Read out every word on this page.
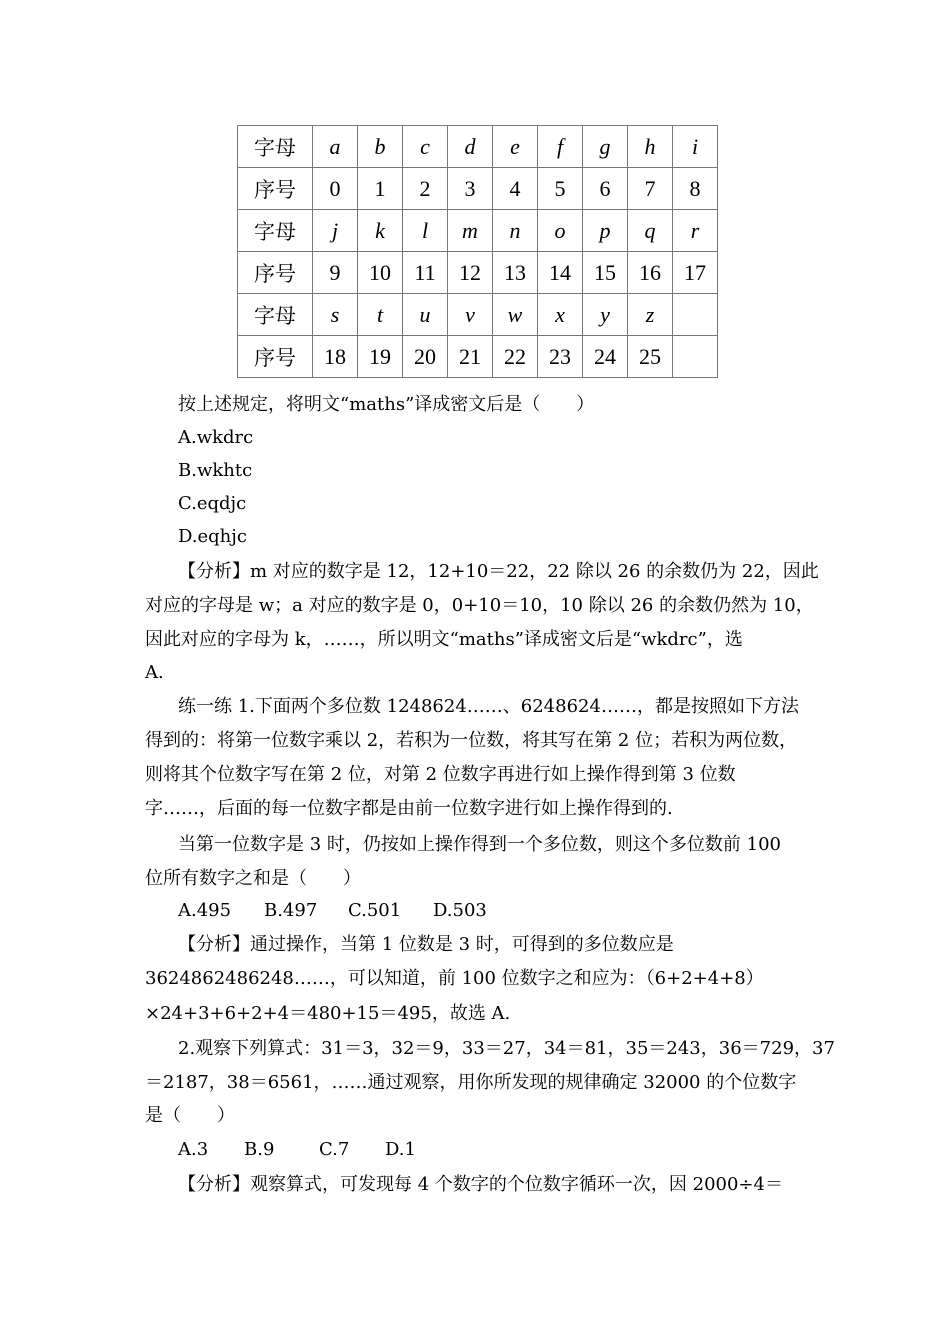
字母	a	b	c	d	e	f	g	h	i
序号	0	1	2	3	4	5	6	7	8
字母	j	k	l	m	n	o	p	q	r
序号	9	10	11	12	13	14	15	16	17
字母	s	t	u	v	w	x	y	z	
序号	18	19	20	21	22	23	24	25	
按上述规定，将明文“maths”译成密文后是（　　）
A.wkdrc
B.wkhtc
C.eqdjc
D.eqhjc
【分析】m 对应的数字是 12，12+10＝22，22 除以 26 的余数仍为 22，因此
对应的字母是 w；a 对应的数字是 0，0+10＝10，10 除以 26 的余数仍然为 10，
因此对应的字母为 k，……，所以明文“maths”译成密文后是“wkdrc”，选
A.
练一练 1.下面两个多位数 1248624……、6248624……，都是按照如下方法
得到的：将第一位数字乘以 2，若积为一位数，将其写在第 2 位；若积为两位数，
则将其个位数字写在第 2 位，对第 2 位数字再进行如上操作得到第 3 位数
字……，后面的每一位数字都是由前一位数字进行如上操作得到的.
当第一位数字是 3 时，仍按如上操作得到一个多位数，则这个多位数前 100
位所有数字之和是（　　）
A.495 B.497 C.501 D.503
【分析】通过操作，当第 1 位数是 3 时，可得到的多位数应是
3624862486248……，可以知道，前 100 位数字之和应为：（6+2+4+8）
×24+3+6+2+4＝480+15＝495，故选 A.
2.观察下列算式：31＝3，32＝9，33＝27，34＝81，35＝243，36＝729，37
＝2187，38＝6561，……通过观察，用你所发现的规律确定 32000 的个位数字
是（　　）
A.3 B.9 C.7 D.1
【分析】观察算式，可发现每 4 个数字的个位数字循环一次，因 2000÷4＝
